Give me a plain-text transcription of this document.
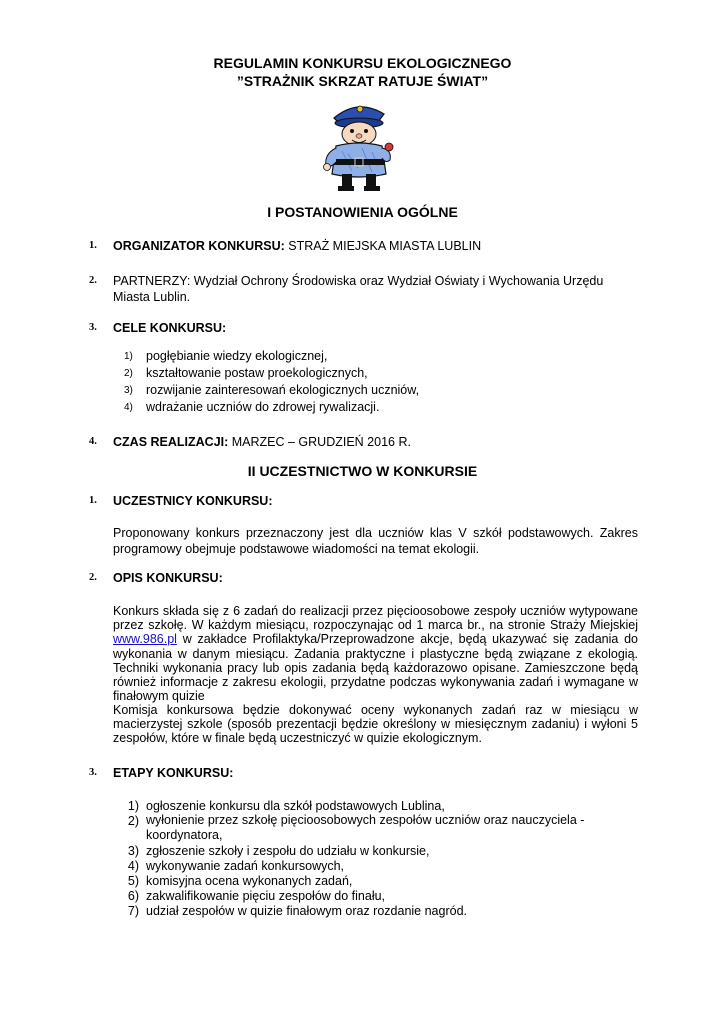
REGULAMIN KONKURSU EKOLOGICZNEGO
”STRAŻNIK SKRZAT RATUJE ŚWIAT”
I POSTANOWIENIA OGÓLNE
1. ORGANIZATOR KONKURSU: STRAŻ MIEJSKA MIASTA LUBLIN
2. PARTNERZY: Wydział Ochrony Środowiska oraz Wydział Oświaty i Wychowania Urzędu Miasta Lublin.
3. CELE KONKURSU:
1) pogłębianie wiedzy ekologicznej,
2) kształtowanie postaw proekologicznych,
3) rozwijanie zainteresowań ekologicznych uczniów,
4) wdrażanie uczniów do zdrowej rywalizacji.
4. CZAS REALIZACJI: MARZEC – GRUDZIEŃ 2016 R.
II UCZESTNICTWO W KONKURSIE
1. UCZESTNICY KONKURSU:
Proponowany konkurs przeznaczony jest dla uczniów klas V szkół podstawowych. Zakres programowy obejmuje podstawowe wiadomości na temat ekologii.
2. OPIS KONKURSU:
Konkurs składa się z 6 zadań do realizacji przez pięcioosobowe zespoły uczniów wytypowane przez szkołę. W każdym miesiącu, rozpoczynając od 1 marca br., na stronie Straży Miejskiej www.986.pl w zakładce Profilaktyka/Przeprowadzone akcje, będą ukazywać się zadania do wykonania w danym miesiącu. Zadania praktyczne i plastyczne będą związane z ekologią. Techniki wykonania pracy lub opis zadania będą każdorazowo opisane. Zamieszczone będą również informacje z zakresu ekologii, przydatne podczas wykonywania zadań i wymagane w finałowym quizie
Komisja konkursowa będzie dokonywać oceny wykonanych zadań raz w miesiącu w macierzystej szkole (sposób prezentacji będzie określony w miesięcznym zadaniu) i wyłoni 5 zespołów, które w finale będą uczestniczyć w quizie ekologicznym.
3. ETAPY KONKURSU:
1) ogłoszenie konkursu dla szkół podstawowych Lublina,
2) wyłonienie przez szkołę pięcioosobowych zespołów uczniów oraz nauczyciela - koordynatora,
3) zgłoszenie szkoły i zespołu do udziału w konkursie,
4) wykonywanie zadań konkursowych,
5) komisyjna ocena wykonanych zadań,
6) zakwalifikowanie pięciu zespołów do finału,
7) udział zespołów w quizie finałowym oraz rozdanie nagród.
